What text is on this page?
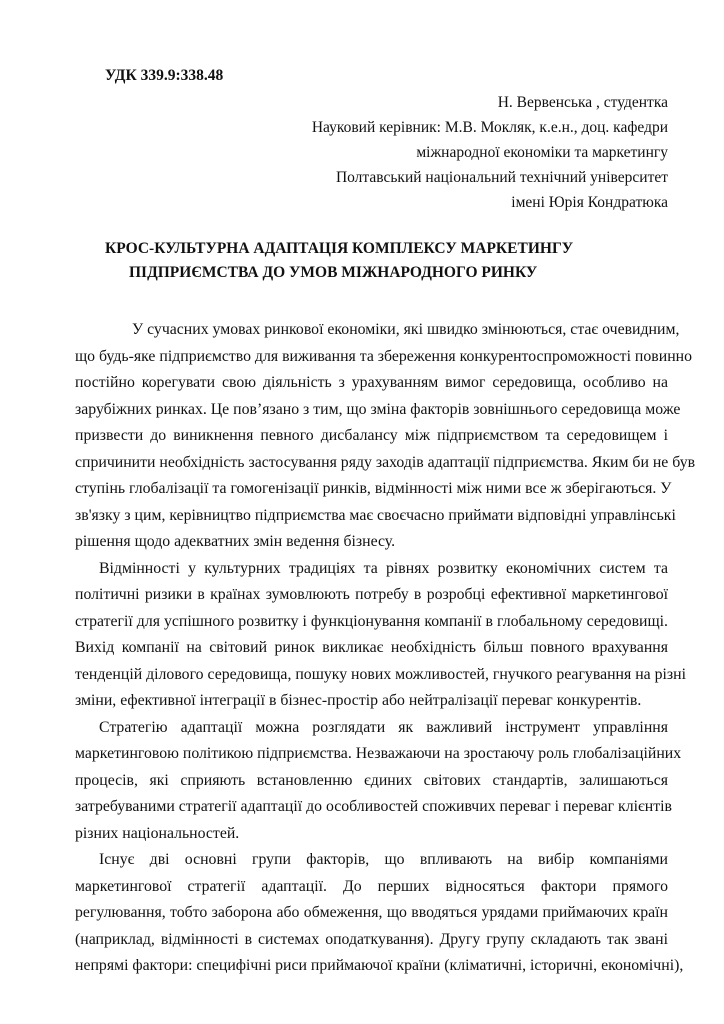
УДК 339.9:338.48
Н. Вервенська , студентка
Науковий керівник: М.В. Мокляк, к.е.н., доц. кафедри
міжнародної економіки та маркетингу
Полтавський національний технічний університет
імені Юрія Кондратюка
КРОС-КУЛЬТУРНА АДАПТАЦІЯ КОМПЛЕКСУ МАРКЕТИНГУ
ПІДПРИЄМСТВА ДО УМОВ МІЖНАРОДНОГО РИНКУ
У сучасних умовах ринкової економіки, які швидко змінюються, стає очевидним,
що будь-яке підприємство для виживання та збереження конкурентоспроможності повинно
постійно корегувати свою діяльність з урахуванням вимог середовища, особливо на
зарубіжних ринках. Це пов’язано з тим, що зміна факторів зовнішнього середовища може
призвести до виникнення певного дисбалансу між підприємством та середовищем і
спричинити необхідність застосування ряду заходів адаптації підприємства. Яким би не був
ступінь глобалізації та гомогенізації ринків, відмінності між ними все ж зберігаються. У
зв'язку з цим, керівництво підприємства має своєчасно приймати відповідні управлінські
рішення щодо адекватних змін ведення бізнесу.
Відмінності у культурних традиціях та рівнях розвитку економічних систем та
політичні ризики в країнах зумовлюють потребу в розробці ефективної маркетингової
стратегії для успішного розвитку і функціонування компанії в глобальному середовищі.
Вихід компанії на світовий ринок викликає необхідність більш повного врахування
тенденцій ділового середовища, пошуку нових можливостей, гнучкого реагування на різні
зміни, ефективної інтеграції в бізнес-простір або нейтралізації переваг конкурентів.
Стратегію адаптації можна розглядати як важливий інструмент управління
маркетинговою політикою підприємства. Незважаючи на зростаючу роль глобалізаційних
процесів, які сприяють встановленню єдиних світових стандартів, залишаються
затребуваними стратегії адаптації до особливостей споживчих переваг і переваг клієнтів
різних національностей.
Існує дві основні групи факторів, що впливають на вибір компаніями
маркетингової стратегії адаптації. До перших відносяться фактори прямого
регулювання, тобто заборона або обмеження, що вводяться урядами приймаючих країн
(наприклад, відмінності в системах оподаткування). Другу групу складають так звані
непрямі фактори: специфічні риси приймаючої країни (кліматичні, історичні, економічні),
